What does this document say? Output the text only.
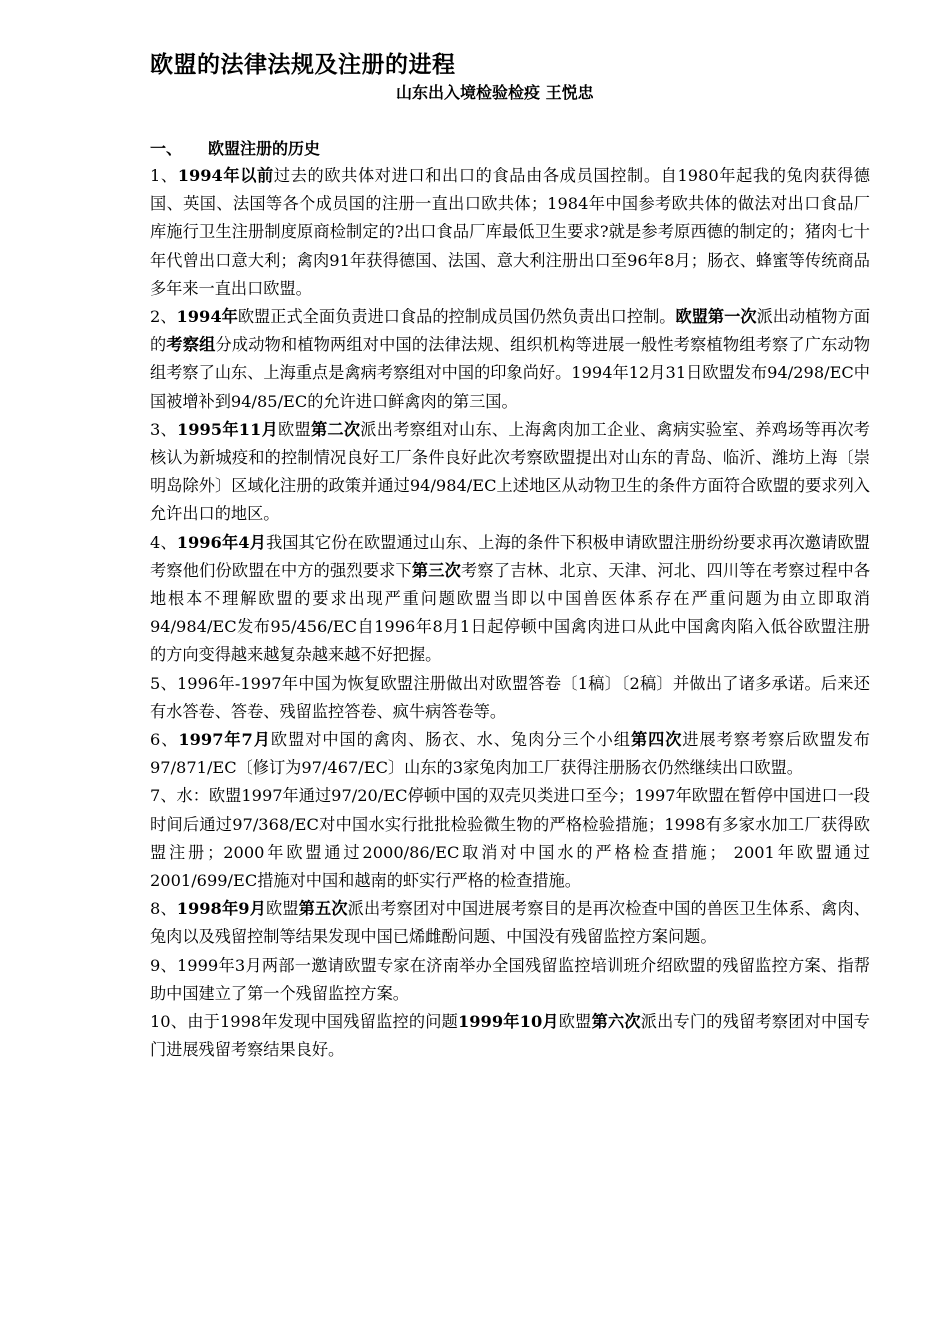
欧盟的法律法规及注册的进程
山东出入境检验检疫 王悦忠
一、 欧盟注册的历史

1、1994年以前过去的欧共体对进口和出口的食品由各成员国控制。自1980年起我的兔肉获得德国、英国、法国等各个成员国的注册一直出口欧共体；1984年中国参考欧共体的做法对出口食品厂库施行卫生注册制度原商检制定的?出口食品厂库最低卫生要求?就是参考原西德的制定的；猪肉七十年代曾出口意大利；禽肉91年获得德国、法国、意大利注册出口至96年8月；肠衣、蜂蜜等传统商品多年来一直出口欧盟。

2、1994年欧盟正式全面负责进口食品的控制成员国仍然负责出口控制。欧盟第一次派出动植物方面的考察组分成动物和植物两组对中国的法律法规、组织机构等进展一般性考察植物组考察了广东动物组考察了山东、上海重点是禽病考察组对中国的印象尚好。1994年12月31日欧盟发布94/298/EC中国被增补到94/85/EC的允许进口鲜禽肉的第三国。

3、1995年11月欧盟第二次派出考察组对山东、上海禽肉加工企业、禽病实验室、养鸡场等再次考核认为新城疫和的控制情况良好工厂条件良好此次考察欧盟提出对山东的青岛、临沂、潍坊上海〔崇明岛除外〕区域化注册的政策并通过94/984/EC上述地区从动物卫生的条件方面符合欧盟的要求列入允许出口的地区。

4、1996年4月我国其它份在欧盟通过山东、上海的条件下积极申请欧盟注册纷纷要求再次邀请欧盟考察他们份欧盟在中方的强烈要求下第三次考察了吉林、北京、天津、河北、四川等在考察过程中各地根本不理解欧盟的要求出现严重问题欧盟当即以中国兽医体系存在严重问题为由立即取消94/984/EC发布95/456/EC自1996年8月1日起停顿中国禽肉进口从此中国禽肉陷入低谷欧盟注册的方向变得越来越复杂越来越不好把握。

5、1996年-1997年中国为恢复欧盟注册做出对欧盟答卷〔1稿〕〔2稿〕并做出了诸多承诺。后来还有水答卷、答卷、残留监控答卷、疯牛病答卷等。

6、1997年7月欧盟对中国的禽肉、肠衣、水、兔肉分三个小组第四次进展考察考察后欧盟发布97/871/EC〔修订为97/467/EC〕山东的3家兔肉加工厂获得注册肠衣仍然继续出口欧盟。

7、水：欧盟1997年通过97/20/EC停顿中国的双壳贝类进口至今；1997年欧盟在暂停中国进口一段时间后通过97/368/EC对中国水实行批批检验微生物的严格检验措施；1998有多家水加工厂获得欧盟注册；2000年欧盟通过2000/86/EC取消对中国水的严格检查措施； 2001年欧盟通过2001/699/EC措施对中国和越南的虾实行严格的检查措施。

8、1998年9月欧盟第五次派出考察团对中国进展考察目的是再次检查中国的兽医卫生体系、禽肉、兔肉以及残留控制等结果发现中国已烯雌酚问题、中国没有残留监控方案问题。

9、1999年3月两部一邀请欧盟专家在济南举办全国残留监控培训班介绍欧盟的残留监控方案、指帮助中国建立了第一个残留监控方案。

10、由于1998年发现中国残留监控的问题1999年10月欧盟第六次派出专门的残留考察团对中国专门进展残留考察结果良好。
